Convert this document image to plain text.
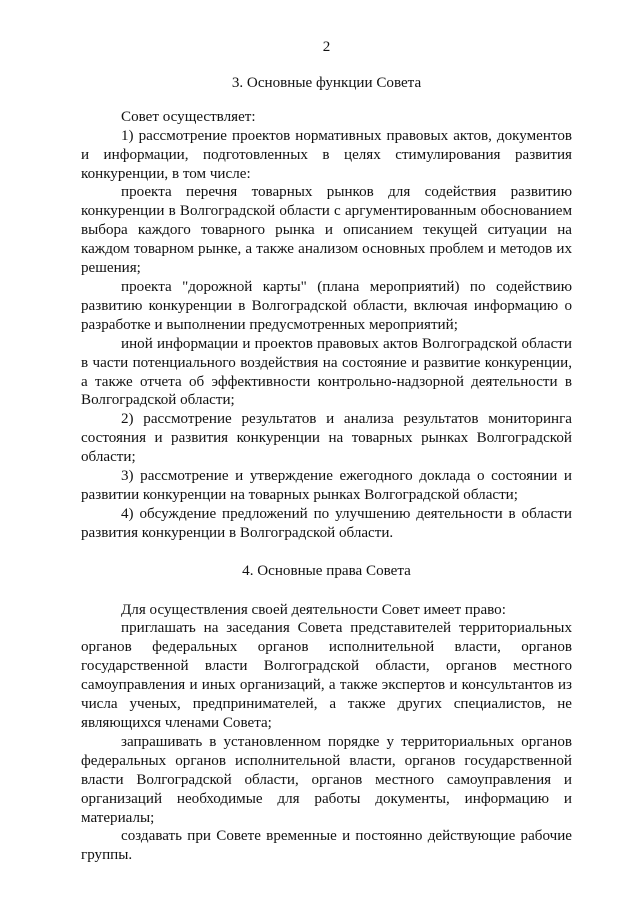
2

3. Основные функции Совета

Совет осуществляет:

1) рассмотрение проектов нормативных правовых актов, документов и информации, подготовленных в целях стимулирования развития конкуренции, в том числе:

проекта перечня товарных рынков для содействия развитию конкуренции в Волгоградской области с аргументированным обоснованием выбора каждого товарного рынка и описанием текущей ситуации на каждом товарном рынке, а также анализом основных проблем и методов их решения;

проекта "дорожной карты" (плана мероприятий) по содействию развитию конкуренции в Волгоградской области, включая информацию о разработке и выполнении предусмотренных мероприятий;

иной информации и проектов правовых актов Волгоградской области в части потенциального воздействия на состояние и развитие конкуренции, а также отчета об эффективности контрольно-надзорной деятельности в Волгоградской области;

2) рассмотрение результатов и анализа результатов мониторинга состояния и развития конкуренции на товарных рынках Волгоградской области;

3) рассмотрение и утверждение ежегодного доклада о состоянии и развитии конкуренции на товарных рынках Волгоградской области;

4) обсуждение предложений по улучшению деятельности в области развития конкуренции в Волгоградской области.

4. Основные права Совета

Для осуществления своей деятельности Совет имеет право:

приглашать на заседания Совета представителей территориальных органов федеральных органов исполнительной власти, органов государственной власти Волгоградской области, органов местного самоуправления и иных организаций, а также экспертов и консультантов из числа ученых, предпринимателей, а также других специалистов, не являющихся членами Совета;

запрашивать в установленном порядке у территориальных органов федеральных органов исполнительной власти, органов государственной власти Волгоградской области, органов местного самоуправления и организаций необходимые для работы документы, информацию и материалы;

создавать при Совете временные и постоянно действующие рабочие группы.
